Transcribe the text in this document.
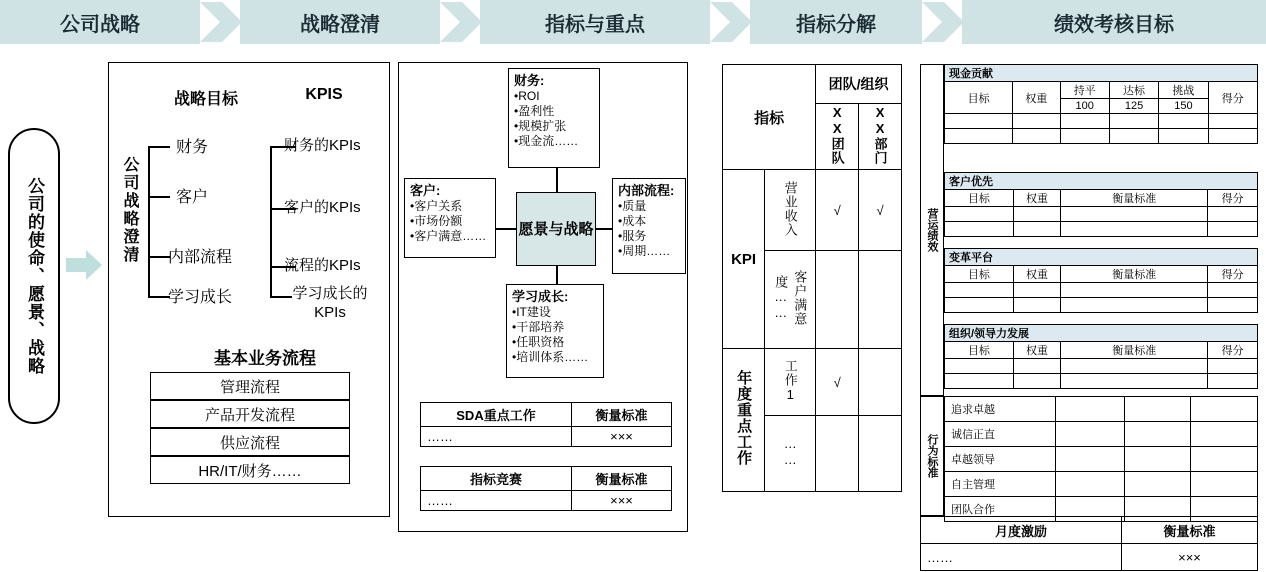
公司战略	战略澄清	指标与重点	指标分解	绩效考核目标
公司的使命、愿景、战略	公司战略澄清
战略目标	KPIS
财务	财务的KPIs
客户
客户的KPIs
内部流程	流程的KPIs
学习成长	学习成长的KPIs
基本业务流程
管理流程
产品开发流程
供应流程
HR/IT/财务……
财务:
•ROI
•盈利性
•规模扩张
•现金流……
客户:
•客户关系
•市场份额
•客户满意……
内部流程:
•质量
•成本
•服务
•周期……
学习成长:
•IT建设
•干部培养
•任职资格
•培训体系……
愿景与战略
SDA重点工作	衡量标准
……	×××
指标竞赛	衡量标准
……	×××
指标		团队/组织	
		XX团队	XX部门
KPI	营业收入	√	√
	客户满意度……		
年度重点工作	工作1	√	
	……		
营运绩效
行为标准
现金贡献					
目标	权重	持平	达标	挑战	得分
		100	125	150	

客户优先			
目标	权重	衡量标准	得分

变革平台			
目标	权重	衡量标准	得分

组织/领导力发展			
目标	权重	衡量标准	得分

追求卓越			
诚信正直			
卓越领导			
自主管理			
团队合作			
月度激励	衡量标准
……	×××
